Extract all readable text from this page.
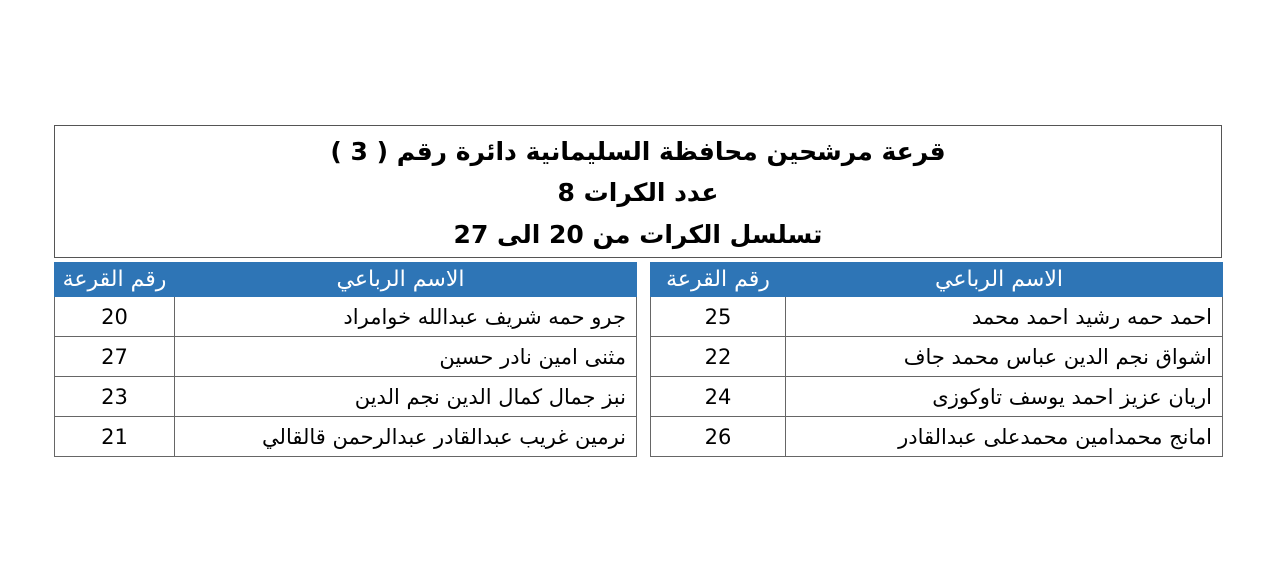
قرعة مرشحين محافظة السليمانية دائرة رقم ( 3 )
عدد الكرات 8
تسلسل الكرات من 20 الى 27
الاسم الرباعي	رقم القرعة
احمد حمه رشيد احمد محمد	25
اشواق نجم الدين عباس محمد جاف	22
اريان عزيز احمد يوسف تاوكوزى	24
امانج محمدامين محمدعلى عبدالقادر	26
الاسم الرباعي	رقم القرعة
جرو حمه شريف عبدالله خوامراد	20
مثنى امين نادر حسين	27
نبز جمال كمال الدين نجم الدين	23
نرمين غريب عبدالقادر عبدالرحمن قالقالي	21
